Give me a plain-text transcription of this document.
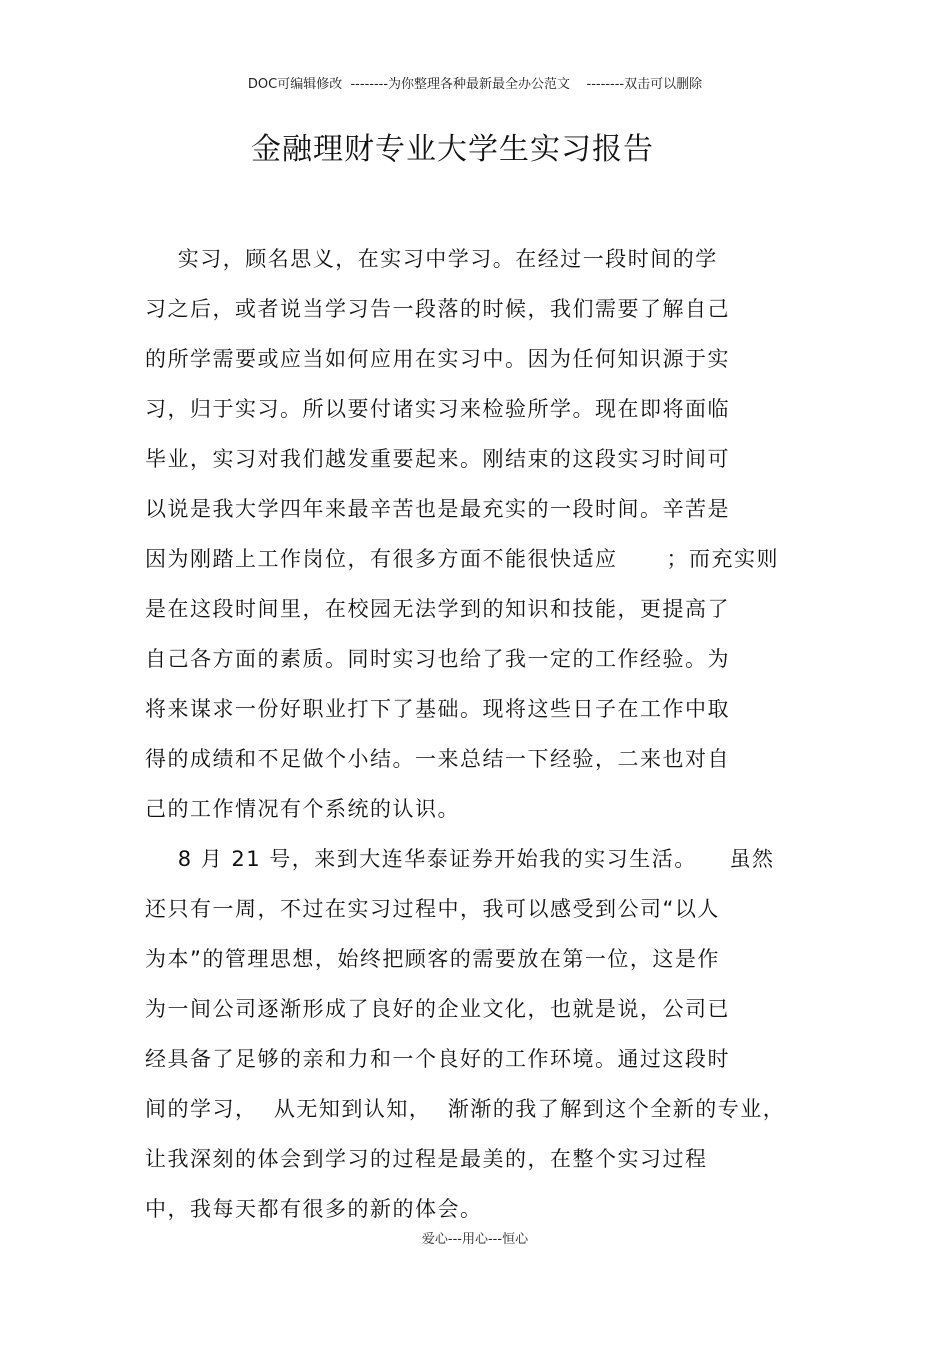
DOC可编辑修改  --------为你整理各种最新最全办公范文    --------双击可以删除
金融理财专业大学生实习报告
实习，顾名思义，在实习中学习。在经过一段时间的学
习之后，或者说当学习告一段落的时候，我们需要了解自己
的所学需要或应当如何应用在实习中。因为任何知识源于实
习，归于实习。所以要付诸实习来检验所学。现在即将面临
毕业，实习对我们越发重要起来。刚结束的这段实习时间可
以说是我大学四年来最辛苦也是最充实的一段时间。辛苦是
因为刚踏上工作岗位，有很多方面不能很快适应      ；而充实则
是在这段时间里，在校园无法学到的知识和技能，更提高了
自己各方面的素质。同时实习也给了我一定的工作经验。为
将来谋求一份好职业打下了基础。现将这些日子在工作中取
得的成绩和不足做个小结。一来总结一下经验，二来也对自
己的工作情况有个系统的认识。
8 月 21 号，来到大连华泰证券开始我的实习生活。    虽然
还只有一周，不过在实习过程中，我可以感受到公司“以人
为本”的管理思想，始终把顾客的需要放在第一位，这是作
为一间公司逐渐形成了良好的企业文化，也就是说，公司已
经具备了足够的亲和力和一个良好的工作环境。通过这段时
间的学习，  从无知到认知，  渐渐的我了解到这个全新的专业，
让我深刻的体会到学习的过程是最美的，在整个实习过程
中，我每天都有很多的新的体会。
爱心---用心---恒心
